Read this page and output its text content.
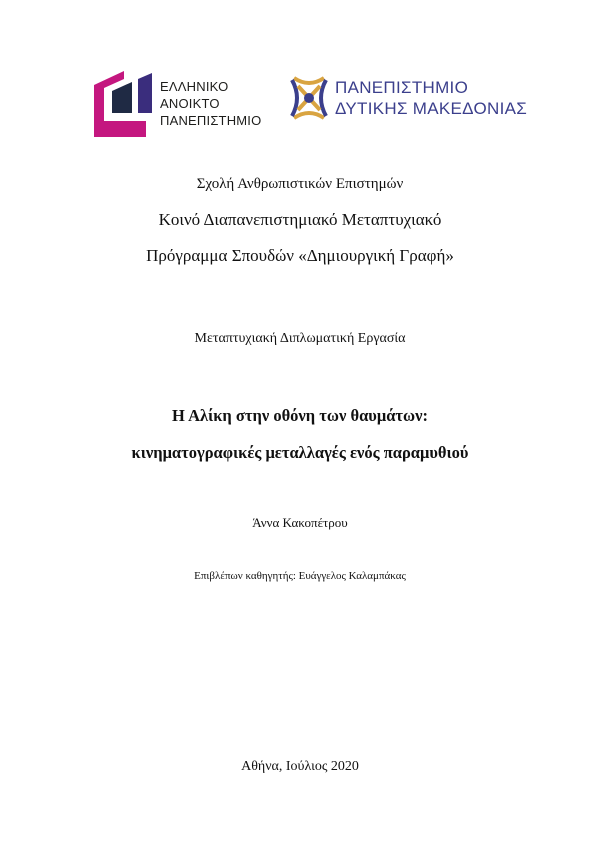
ΕΛΛΗΝΙΚΟ
ΑΝΟΙΚΤΟ
ΠΑΝΕΠΙΣΤΗΜΙΟ
ΠΑΝΕΠΙΣΤΗΜΙΟ
ΔΥΤΙΚΗΣ ΜΑΚΕΔΟΝΙΑΣ
Σχολή Ανθρωπιστικών Επιστημών
Κοινό Διαπανεπιστημιακό Μεταπτυχιακό
Πρόγραμμα Σπουδών «Δημιουργική Γραφή»
Μεταπτυχιακή Διπλωματική Εργασία
Η Αλίκη στην οθόνη των θαυμάτων:
κινηματογραφικές μεταλλαγές ενός παραμυθιού
Άννα Κακοπέτρου
Επιβλέπων καθηγητής: Ευάγγελος Καλαμπάκας
Αθήνα, Ιούλιος 2020
